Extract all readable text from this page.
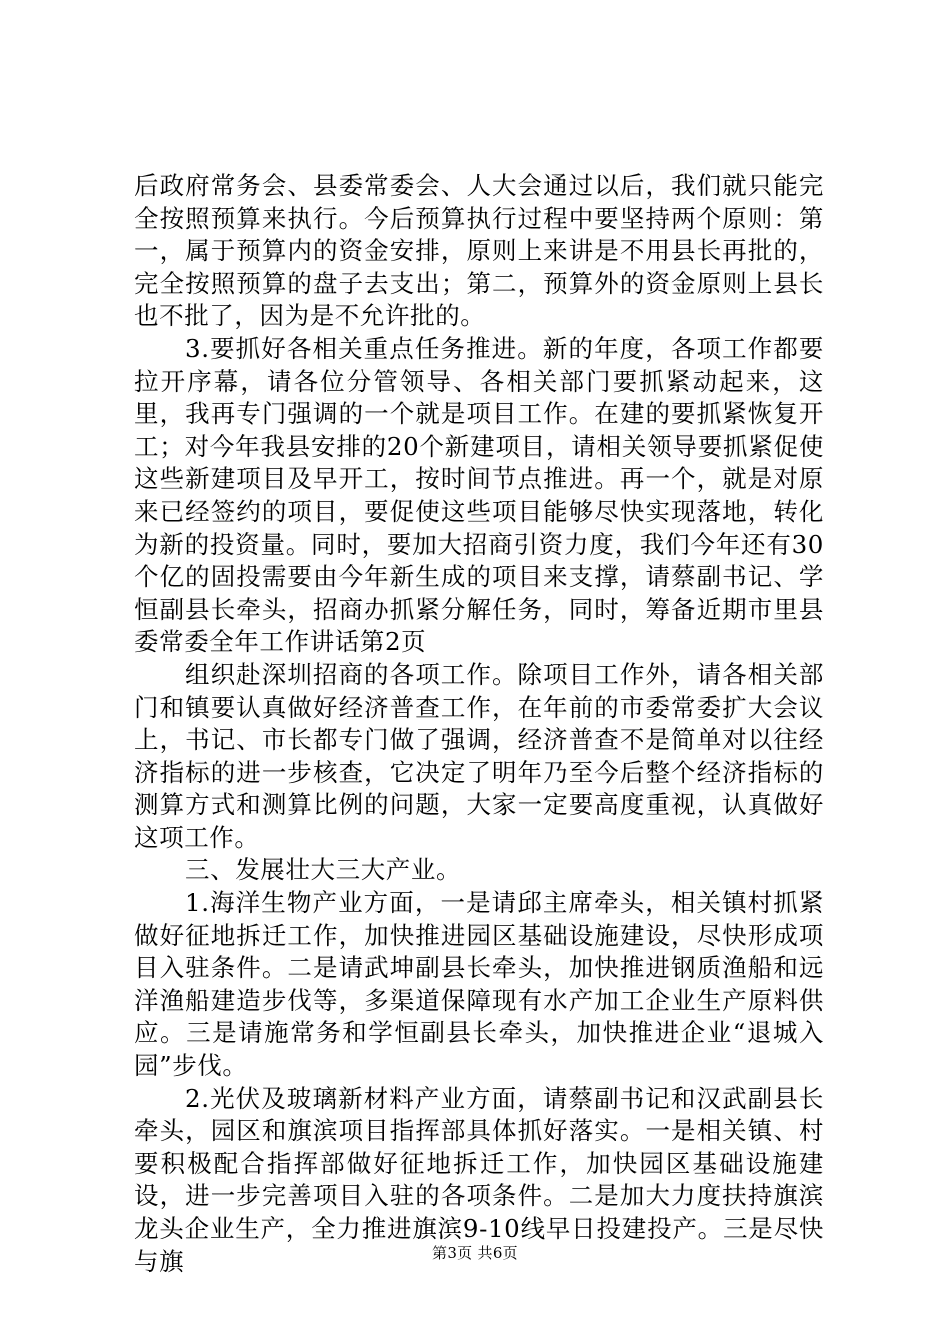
后政府常务会、县委常委会、人大会通过以后，我们就只能完全按照预算来执行。今后预算执行过程中要坚持两个原则：第一，属于预算内的资金安排，原则上来讲是不用县长再批的，完全按照预算的盘子去支出；第二，预算外的资金原则上县长也不批了，因为是不允许批的。

3.要抓好各相关重点任务推进。新的年度，各项工作都要拉开序幕，请各位分管领导、各相关部门要抓紧动起来，这里，我再专门强调的一个就是项目工作。在建的要抓紧恢复开工；对今年我县安排的20个新建项目，请相关领导要抓紧促使这些新建项目及早开工，按时间节点推进。再一个，就是对原来已经签约的项目，要促使这些项目能够尽快实现落地，转化为新的投资量。同时，要加大招商引资力度，我们今年还有30个亿的固投需要由今年新生成的项目来支撑，请蔡副书记、学恒副县长牵头，招商办抓紧分解任务，同时，筹备近期市里县委常委全年工作讲话第2页

组织赴深圳招商的各项工作。除项目工作外，请各相关部门和镇要认真做好经济普查工作，在年前的市委常委扩大会议上，书记、市长都专门做了强调，经济普查不是简单对以往经济指标的进一步核查，它决定了明年乃至今后整个经济指标的测算方式和测算比例的问题，大家一定要高度重视，认真做好这项工作。

三、发展壮大三大产业。

1.海洋生物产业方面，一是请邱主席牵头，相关镇村抓紧做好征地拆迁工作，加快推进园区基础设施建设，尽快形成项目入驻条件。二是请武坤副县长牵头，加快推进钢质渔船和远洋渔船建造步伐等，多渠道保障现有水产加工企业生产原料供应。三是请施常务和学恒副县长牵头，加快推进企业“退城入园”步伐。

2.光伏及玻璃新材料产业方面，请蔡副书记和汉武副县长牵头，园区和旗滨项目指挥部具体抓好落实。一是相关镇、村要积极配合指挥部做好征地拆迁工作，加快园区基础设施建设，进一步完善项目入驻的各项条件。二是加大力度扶持旗滨龙头企业生产，全力推进旗滨9-10线早日投建投产。三是尽快与旗	第3页 共6页
